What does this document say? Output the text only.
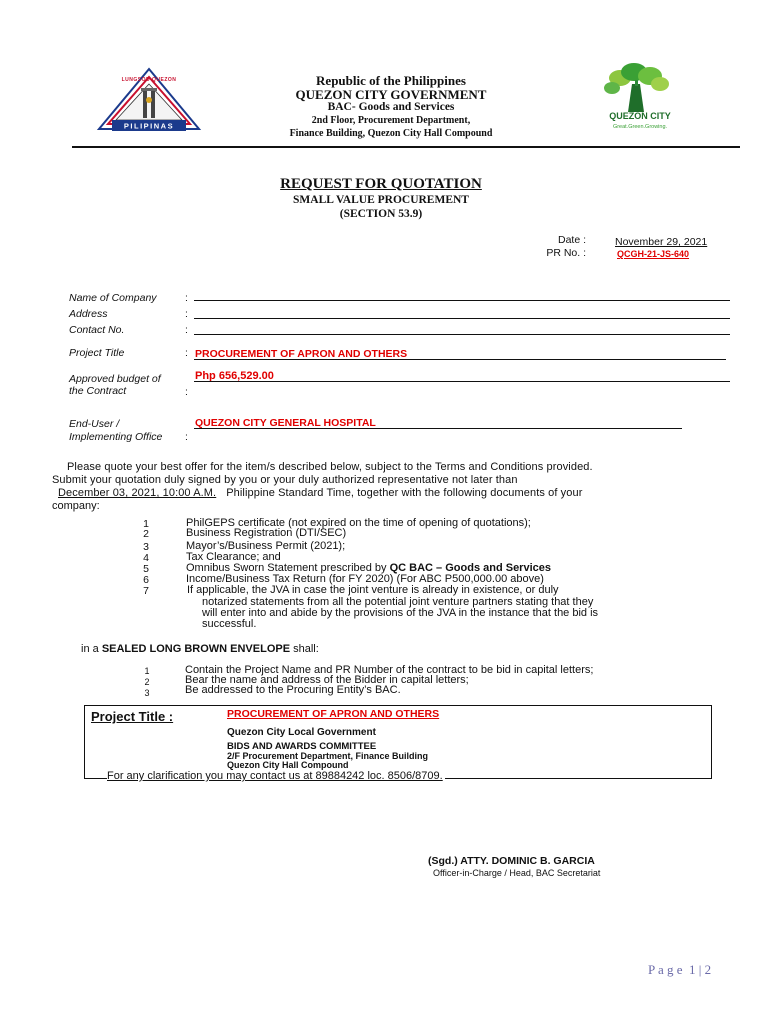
PILIPINAS
LUNGSOD QUEZON
QUEZON CITY
Great.Green.Growing.
Republic of the Philippines
QUEZON CITY GOVERNMENT
BAC- Goods and Services
2nd Floor, Procurement Department,
Finance Building, Quezon City Hall Compound
REQUEST FOR QUOTATION
SMALL VALUE PROCUREMENT
(SECTION 53.9)
Date :	November 29, 2021
PR No. :	QCGH-21-JS-640
Name of Company	:
Address	:
Contact No.	:
Project Title	: PROCUREMENT OF APRON AND OTHERS
Approved budget of	Php 656,529.00
the Contract	:
End-User /	QUEZON CITY GENERAL HOSPITAL
Implementing Office :
Please quote your best offer for the item/s described below, subject to the Terms and Conditions provided.
Submit your quotation duly signed by you or your duly authorized representative not later than
December 03, 2021, 10:00 A.M. Philippine Standard Time, together with the following documents of your
company:
1	PhilGEPS certificate (not expired on the time of opening of quotations);
2	Business Registration (DTI/SEC)
3	Mayor’s/Business Permit (2021);
4	Tax Clearance; and
5	Omnibus Sworn Statement prescribed by QC BAC – Goods and Services
6	Income/Business Tax Return (for FY 2020) (For ABC P500,000.00 above)
7	If applicable, the JVA in case the joint venture is already in existence, or duly
notarized statements from all the potential joint venture partners stating that they
will enter into and abide by the provisions of the JVA in the instance that the bid is
successful.
in a SEALED LONG BROWN ENVELOPE shall:
1	Contain the Project Name and PR Number of the contract to be bid in capital letters;
2	Bear the name and address of the Bidder in capital letters;
3	Be addressed to the Procuring Entity’s BAC.
Project Title :	PROCUREMENT OF APRON AND OTHERS
Quezon City Local Government
BIDS AND AWARDS COMMITTEE
2/F Procurement Department, Finance Building
Quezon City Hall Compound
For any clarification you may contact us at 89884242 loc. 8506/8709.
(Sgd.) ATTY. DOMINIC B. GARCIA
Officer-in-Charge / Head, BAC Secretariat
P a g e  1 | 2
